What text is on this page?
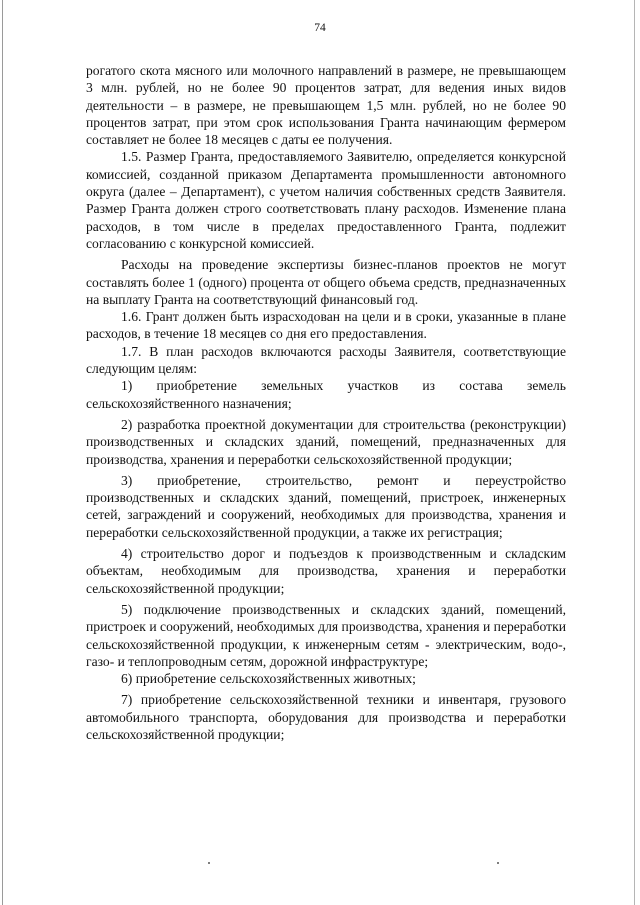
74

рогатого скота мясного или молочного направлений в размере, не превышающем 3 млн. рублей, но не более 90 процентов затрат, для ведения иных видов деятельности – в размере, не превышающем 1,5 млн. рублей, но не более 90 процентов затрат, при этом срок использования Гранта начинающим фермером составляет не более 18 месяцев с даты ее получения.

1.5. Размер Гранта, предоставляемого Заявителю, определяется конкурсной комиссией, созданной приказом Департамента промышленности автономного округа (далее – Департамент), с учетом наличия собственных средств Заявителя. Размер Гранта должен строго соответствовать плану расходов. Изменение плана расходов, в том числе в пределах предоставленного Гранта, подлежит согласованию с конкурсной комиссией.

Расходы на проведение экспертизы бизнес-планов проектов не могут составлять более 1 (одного) процента от общего объема средств, предназначенных на выплату Гранта на соответствующий финансовый год.

1.6. Грант должен быть израсходован на цели и в сроки, указанные в плане расходов, в течение 18 месяцев со дня его предоставления.

1.7. В план расходов включаются расходы Заявителя, соответствующие следующим целям:

1) приобретение земельных участков из состава земель сельскохозяйственного назначения;

2) разработка проектной документации для строительства (реконструкции) производственных и складских зданий, помещений, предназначенных для производства, хранения и переработки сельскохозяйственной продукции;

3) приобретение, строительство, ремонт и переустройство производственных и складских зданий, помещений, пристроек, инженерных сетей, заграждений и сооружений, необходимых для производства, хранения и переработки сельскохозяйственной продукции, а также их регистрация;

4) строительство дорог и подъездов к производственным и складским объектам, необходимым для производства, хранения и переработки сельскохозяйственной продукции;

5) подключение производственных и складских зданий, помещений, пристроек и сооружений, необходимых для производства, хранения и переработки сельскохозяйственной продукции, к инженерным сетям - электрическим, водо-, газо- и теплопроводным сетям, дорожной инфраструктуре;

6) приобретение сельскохозяйственных животных;

7) приобретение сельскохозяйственной техники и инвентаря, грузового автомобильного транспорта, оборудования для производства и переработки сельскохозяйственной продукции;
